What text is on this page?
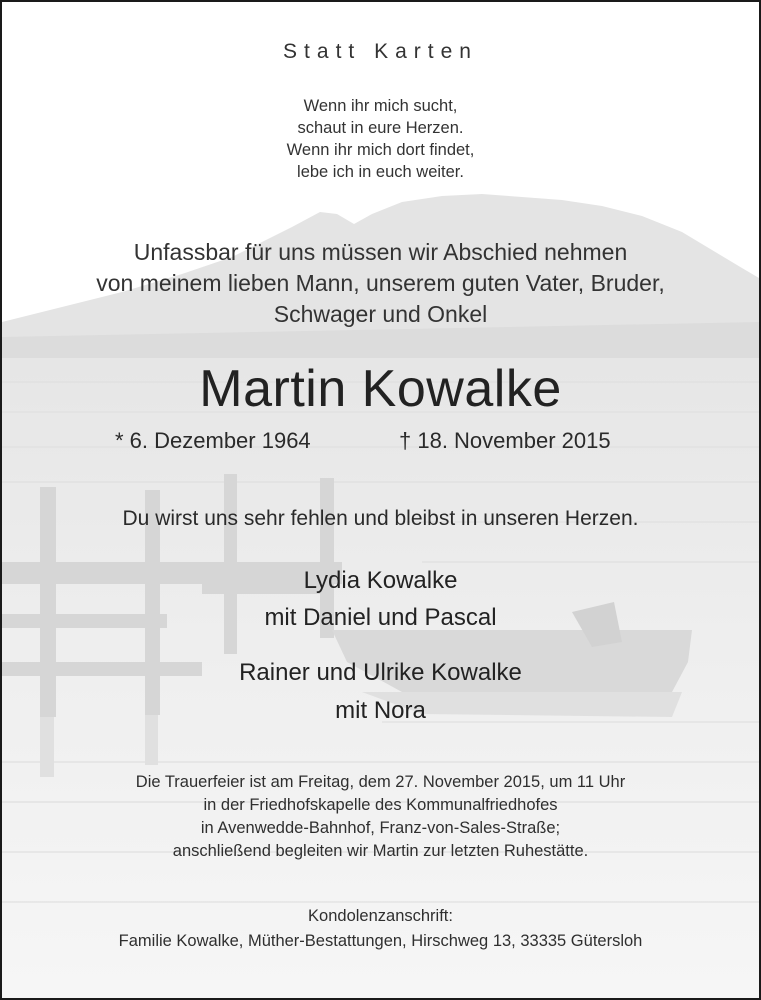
Statt Karten
Wenn ihr mich sucht,
schaut in eure Herzen.
Wenn ihr mich dort findet,
lebe ich in euch weiter.
Unfassbar für uns müssen wir Abschied nehmen
von meinem lieben Mann, unserem guten Vater, Bruder,
Schwager und Onkel
Martin Kowalke
* 6. Dezember 1964	† 18. November 2015
Du wirst uns sehr fehlen und bleibst in unseren Herzen.
Lydia Kowalke
mit Daniel und Pascal
Rainer und Ulrike Kowalke
mit Nora
Die Trauerfeier ist am Freitag, dem 27. November 2015, um 11 Uhr
in der Friedhofskapelle des Kommunalfriedhofes
in Avenwedde-Bahnhof, Franz-von-Sales-Straße;
anschließend begleiten wir Martin zur letzten Ruhestätte.
Kondolenzanschrift:
Familie Kowalke, Müther-Bestattungen, Hirschweg 13, 33335 Gütersloh
